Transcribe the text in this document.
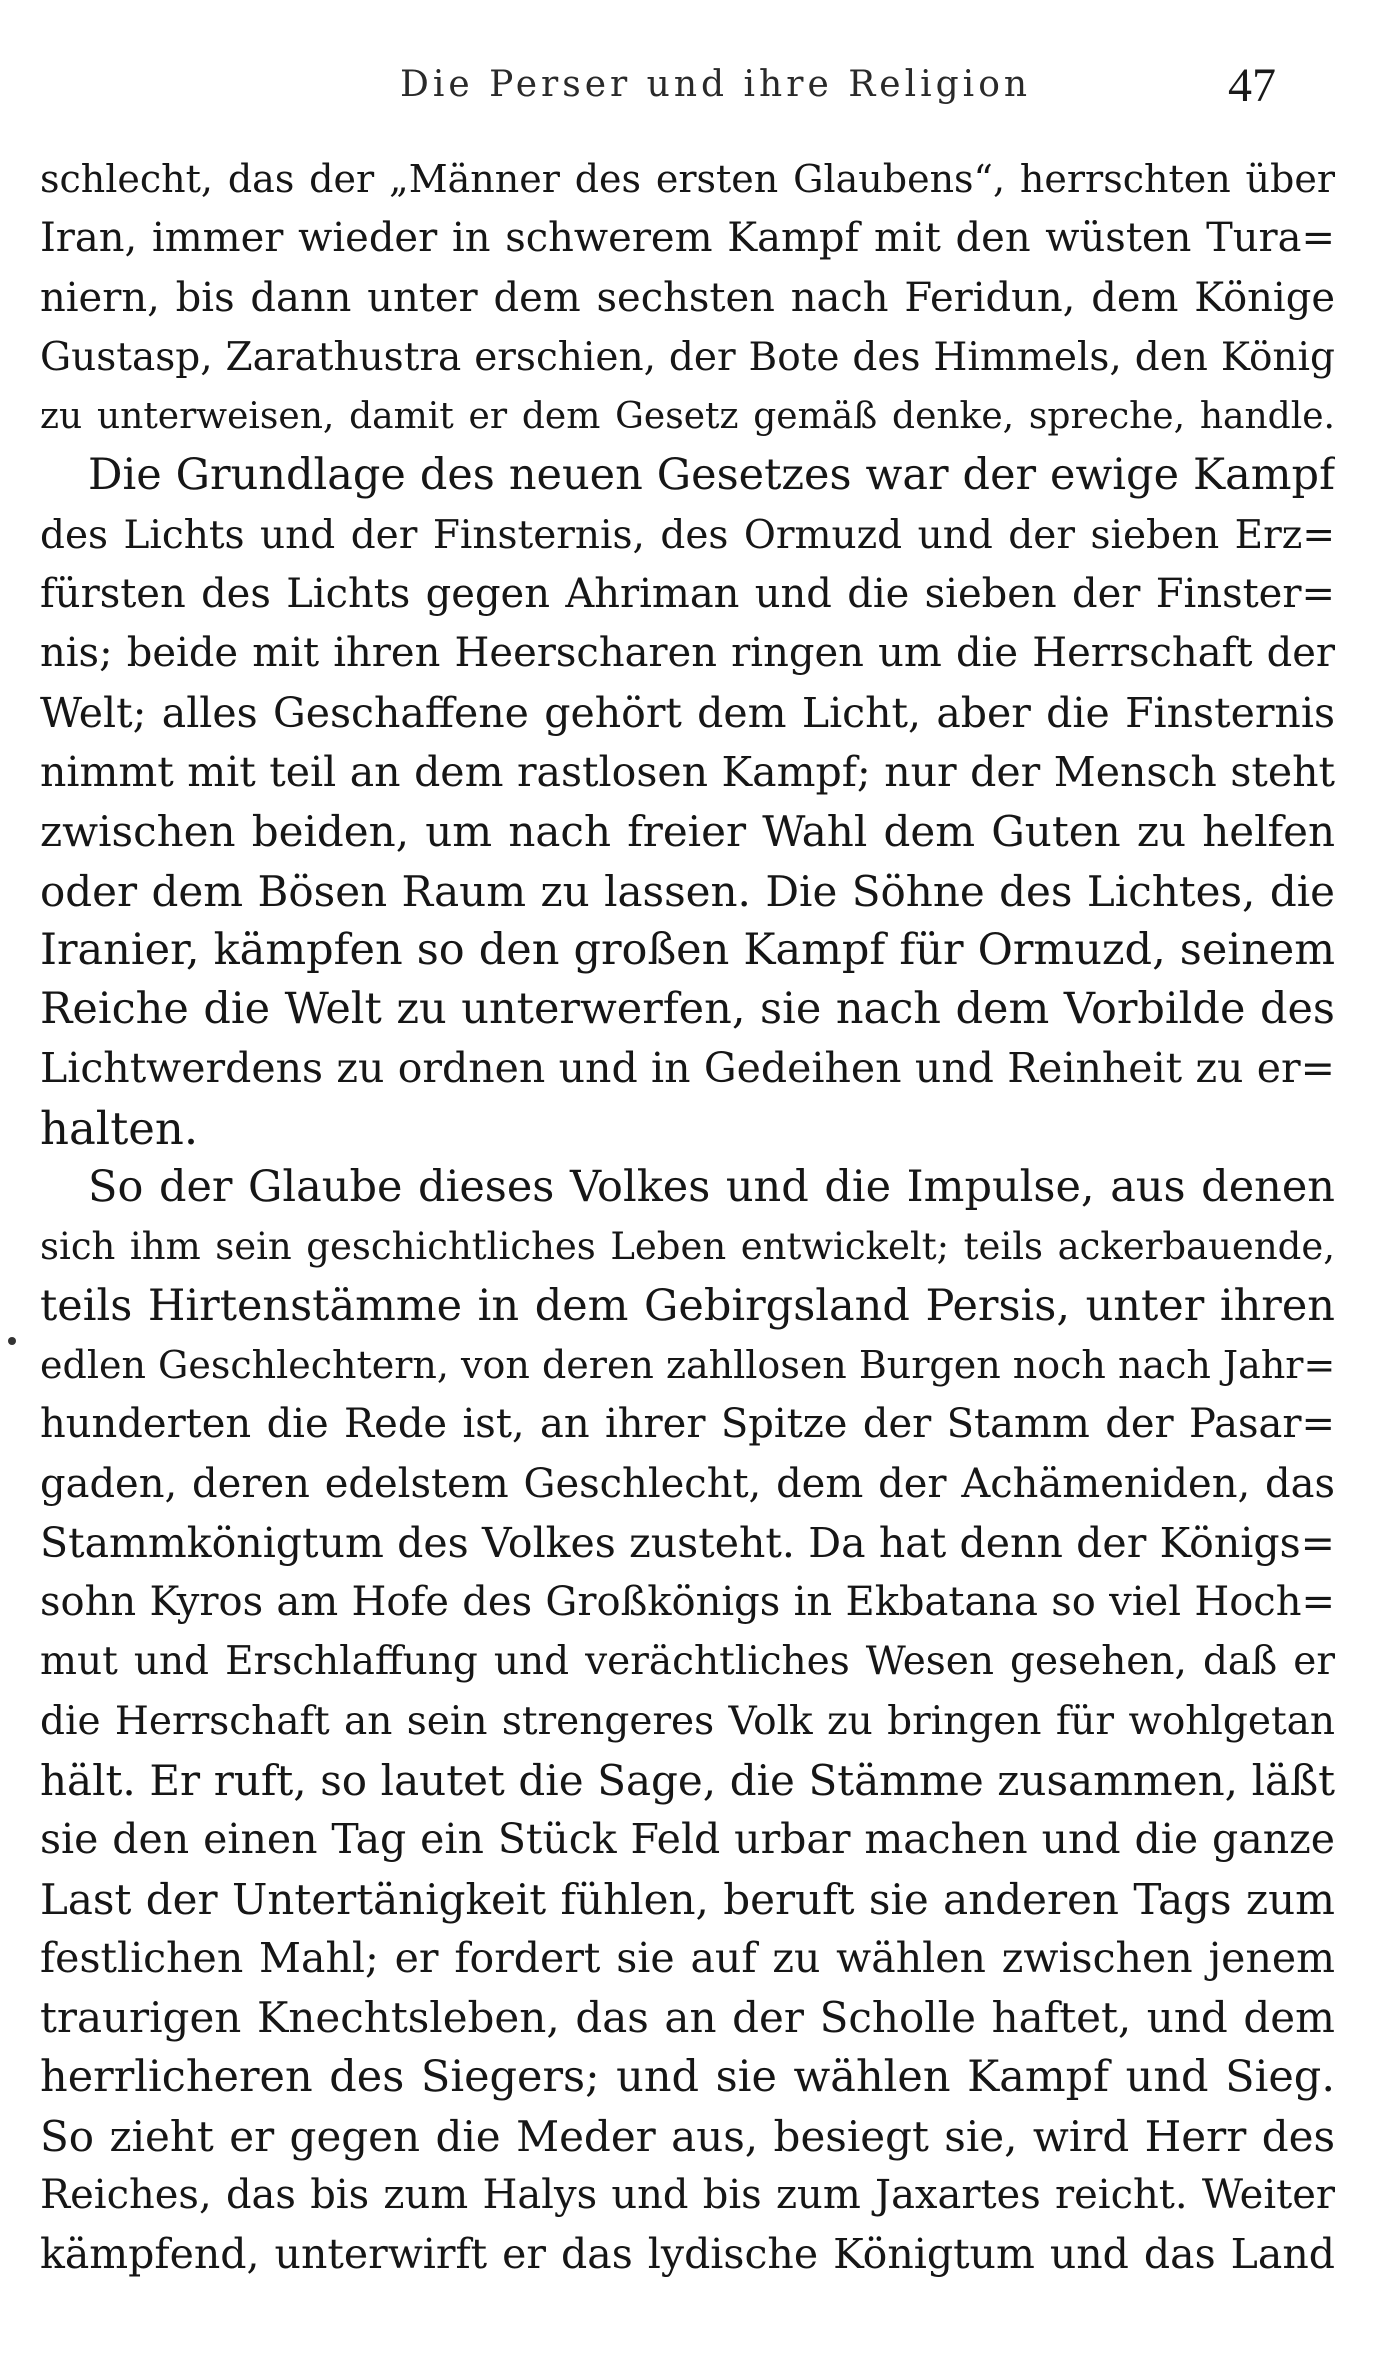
Die Perser und ihre Religion	47
schlecht, das der „Männer des ersten Glaubens“, herrschten über
Iran, immer wieder in schwerem Kampf mit den wüsten Tura=
niern, bis dann unter dem sechsten nach Feridun, dem Könige
Gustasp, Zarathustra erschien, der Bote des Himmels, den König
zu unterweisen, damit er dem Gesetz gemäß denke, spreche, handle.
Die Grundlage des neuen Gesetzes war der ewige Kampf
des Lichts und der Finsternis, des Ormuzd und der sieben Erz=
fürsten des Lichts gegen Ahriman und die sieben der Finster=
nis; beide mit ihren Heerscharen ringen um die Herrschaft der
Welt; alles Geschaffene gehört dem Licht, aber die Finsternis
nimmt mit teil an dem rastlosen Kampf; nur der Mensch steht
zwischen beiden, um nach freier Wahl dem Guten zu helfen
oder dem Bösen Raum zu lassen. Die Söhne des Lichtes, die
Iranier, kämpfen so den großen Kampf für Ormuzd, seinem
Reiche die Welt zu unterwerfen, sie nach dem Vorbilde des
Lichtwerdens zu ordnen und in Gedeihen und Reinheit zu er=
halten.
So der Glaube dieses Volkes und die Impulse, aus denen
sich ihm sein geschichtliches Leben entwickelt; teils ackerbauende,
teils Hirtenstämme in dem Gebirgsland Persis, unter ihren
edlen Geschlechtern, von deren zahllosen Burgen noch nach Jahr=
hunderten die Rede ist, an ihrer Spitze der Stamm der Pasar=
gaden, deren edelstem Geschlecht, dem der Achämeniden, das
Stammkönigtum des Volkes zusteht. Da hat denn der Königs=
sohn Kyros am Hofe des Großkönigs in Ekbatana so viel Hoch=
mut und Erschlaffung und verächtliches Wesen gesehen, daß er
die Herrschaft an sein strengeres Volk zu bringen für wohlgetan
hält. Er ruft, so lautet die Sage, die Stämme zusammen, läßt
sie den einen Tag ein Stück Feld urbar machen und die ganze
Last der Untertänigkeit fühlen, beruft sie anderen Tags zum
festlichen Mahl; er fordert sie auf zu wählen zwischen jenem
traurigen Knechtsleben, das an der Scholle haftet, und dem
herrlicheren des Siegers; und sie wählen Kampf und Sieg.
So zieht er gegen die Meder aus, besiegt sie, wird Herr des
Reiches, das bis zum Halys und bis zum Jaxartes reicht. Weiter
kämpfend, unterwirft er das lydische Königtum und das Land
